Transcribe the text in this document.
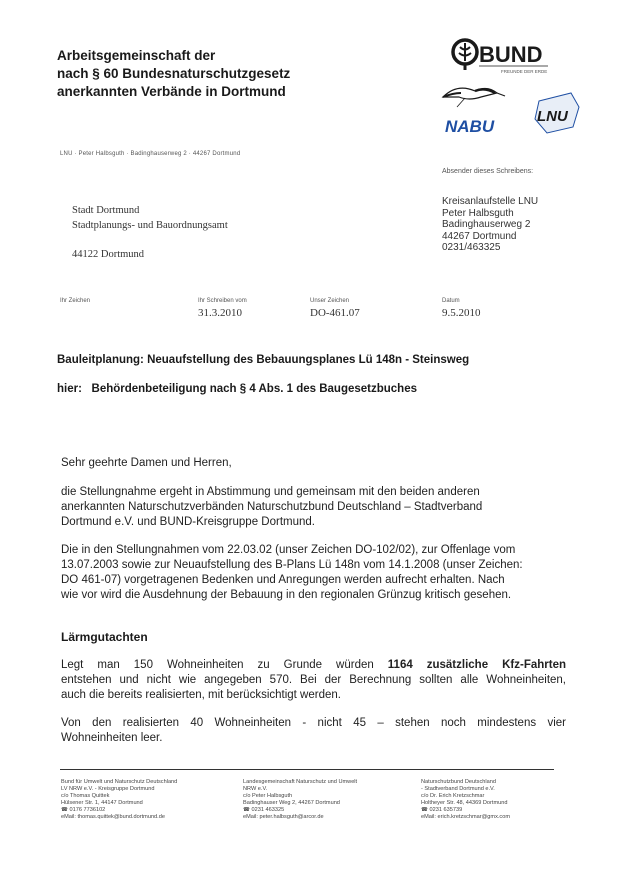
Arbeitsgemeinschaft der
nach § 60 Bundesnaturschutzgesetz
anerkannten Verbände in Dortmund
BUND
FREUNDE DER ERDE
NABU
LNU
LNU · Peter Halbsguth · Badinghauserweg 2 · 44267 Dortmund
Absender dieses Schreibens:
Stadt Dortmund
Stadtplanungs- und Bauordnungsamt
44122 Dortmund
Kreisanlaufstelle LNU
Peter Halbsguth
Badinghauserweg 2
44267 Dortmund
0231/463325
Ihr Zeichen	Ihr Schreiben vom
31.3.2010
Unser Zeichen
DO-461.07
Datum
9.5.2010
Bauleitplanung: Neuaufstellung des Bebauungsplanes Lü 148n - Steinsweg
hier: Behördenbeteiligung nach § 4 Abs. 1 des Baugesetzbuches

Sehr geehrte Damen und Herren,

die Stellungnahme ergeht in Abstimmung und gemeinsam mit den beiden anderen

anerkannten Naturschutzverbänden Naturschutzbund Deutschland – Stadtverband

Dortmund e.V. und BUND-Kreisgruppe Dortmund.

Die in den Stellungnahmen vom 22.03.02 (unser Zeichen DO-102/02), zur Offenlage vom

13.07.2003 sowie zur Neuaufstellung des B-Plans Lü 148n vom 14.1.2008 (unser Zeichen:

DO 461-07) vorgetragenen Bedenken und Anregungen werden aufrecht erhalten. Nach

wie vor wird die Ausdehnung der Bebauung in den regionalen Grünzug kritisch gesehen.

Lärmgutachten

Legt man 150 Wohneinheiten zu Grunde würden 1164 zusätzliche Kfz-Fahrten

entstehen und nicht wie angegeben 570. Bei der Berechnung sollten alle Wohneinheiten,

auch die bereits realisierten, mit berücksichtigt werden.

Von den realisierten 40 Wohneinheiten - nicht 45 – stehen noch mindestens vier

Wohneinheiten leer.

Bund für Umwelt und Naturschutz Deutschland
LV NRW e.V. - Kreisgruppe Dortmund
c/o Thomas Quittek
Hülsener Str. 1, 44147 Dortmund
☎ 0176 7736102
eMail: thomas.quittek@bund.dortmund.de
Landesgemeinschaft Naturschutz und Umwelt
NRW e.V.
c/o Peter Halbsguth
Badinghauser Weg 2, 44267 Dortmund
☎ 0231 463325
eMail: peter.halbsguth@arcor.de
Naturschutzbund Deutschland
- Stadtverband Dortmund e.V.
c/o Dr. Erich Kretzschmar
Holtheyer Str. 48, 44369 Dortmund
☎ 0231 635739
eMail: erich.kretzschmar@gmx.com
